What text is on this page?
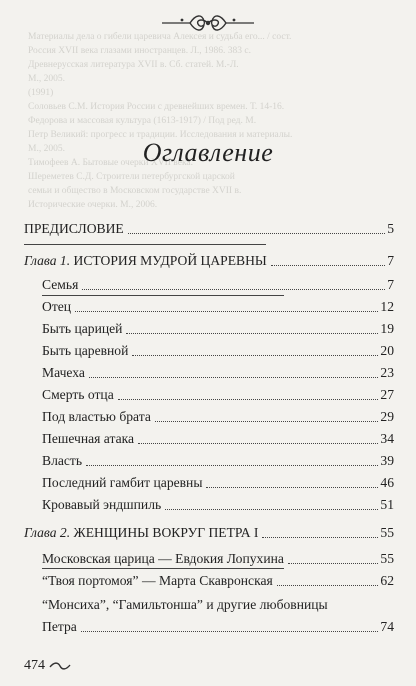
Материалы дела о гибели царевича Алексея и судьба его... / сост.
Россия XVII века глазами иностранцев. Л., 1986. 383 с.
Древнерусская литература XVII в. Сб. статей. М.-Л.
М., 2005.
(1991)
Соловьев С.М. История России с древнейших времен. Т. 14-16.
Федорова и массовая культура (1613-1917) / Под ред. М.
Петр Великий: прогресс и традиции. Исследования и материалы.
М., 2005.
Тимофеев А. Бытовые очерки XVII века.
Шереметев С.Д. Строители петербургской царской
семьи и общество в Московском государстве XVII в.
Исторические очерки. М., 2006.
Оглавление
ПРЕДИСЛОВИЕ	5
Глава 1. ИСТОРИЯ МУДРОЙ ЦАРЕВНЫ	7
Семья	7
Отец	12
Быть царицей	19
Быть царевной	20
Мачеха	23
Смерть отца	27
Под властью брата	29
Пешечная атака	34
Власть	39
Последний гамбит царевны	46
Кровавый эндшпиль	51
Глава 2. ЖЕНЩИНЫ ВОКРУГ ПЕТРА I	55
Московская царица — Евдокия Лопухина	55
“Твоя портомоя” — Марта Скавронская	62
“Монсиха”, “Гамильтонша” и другие любовницы
Петра	74
474
